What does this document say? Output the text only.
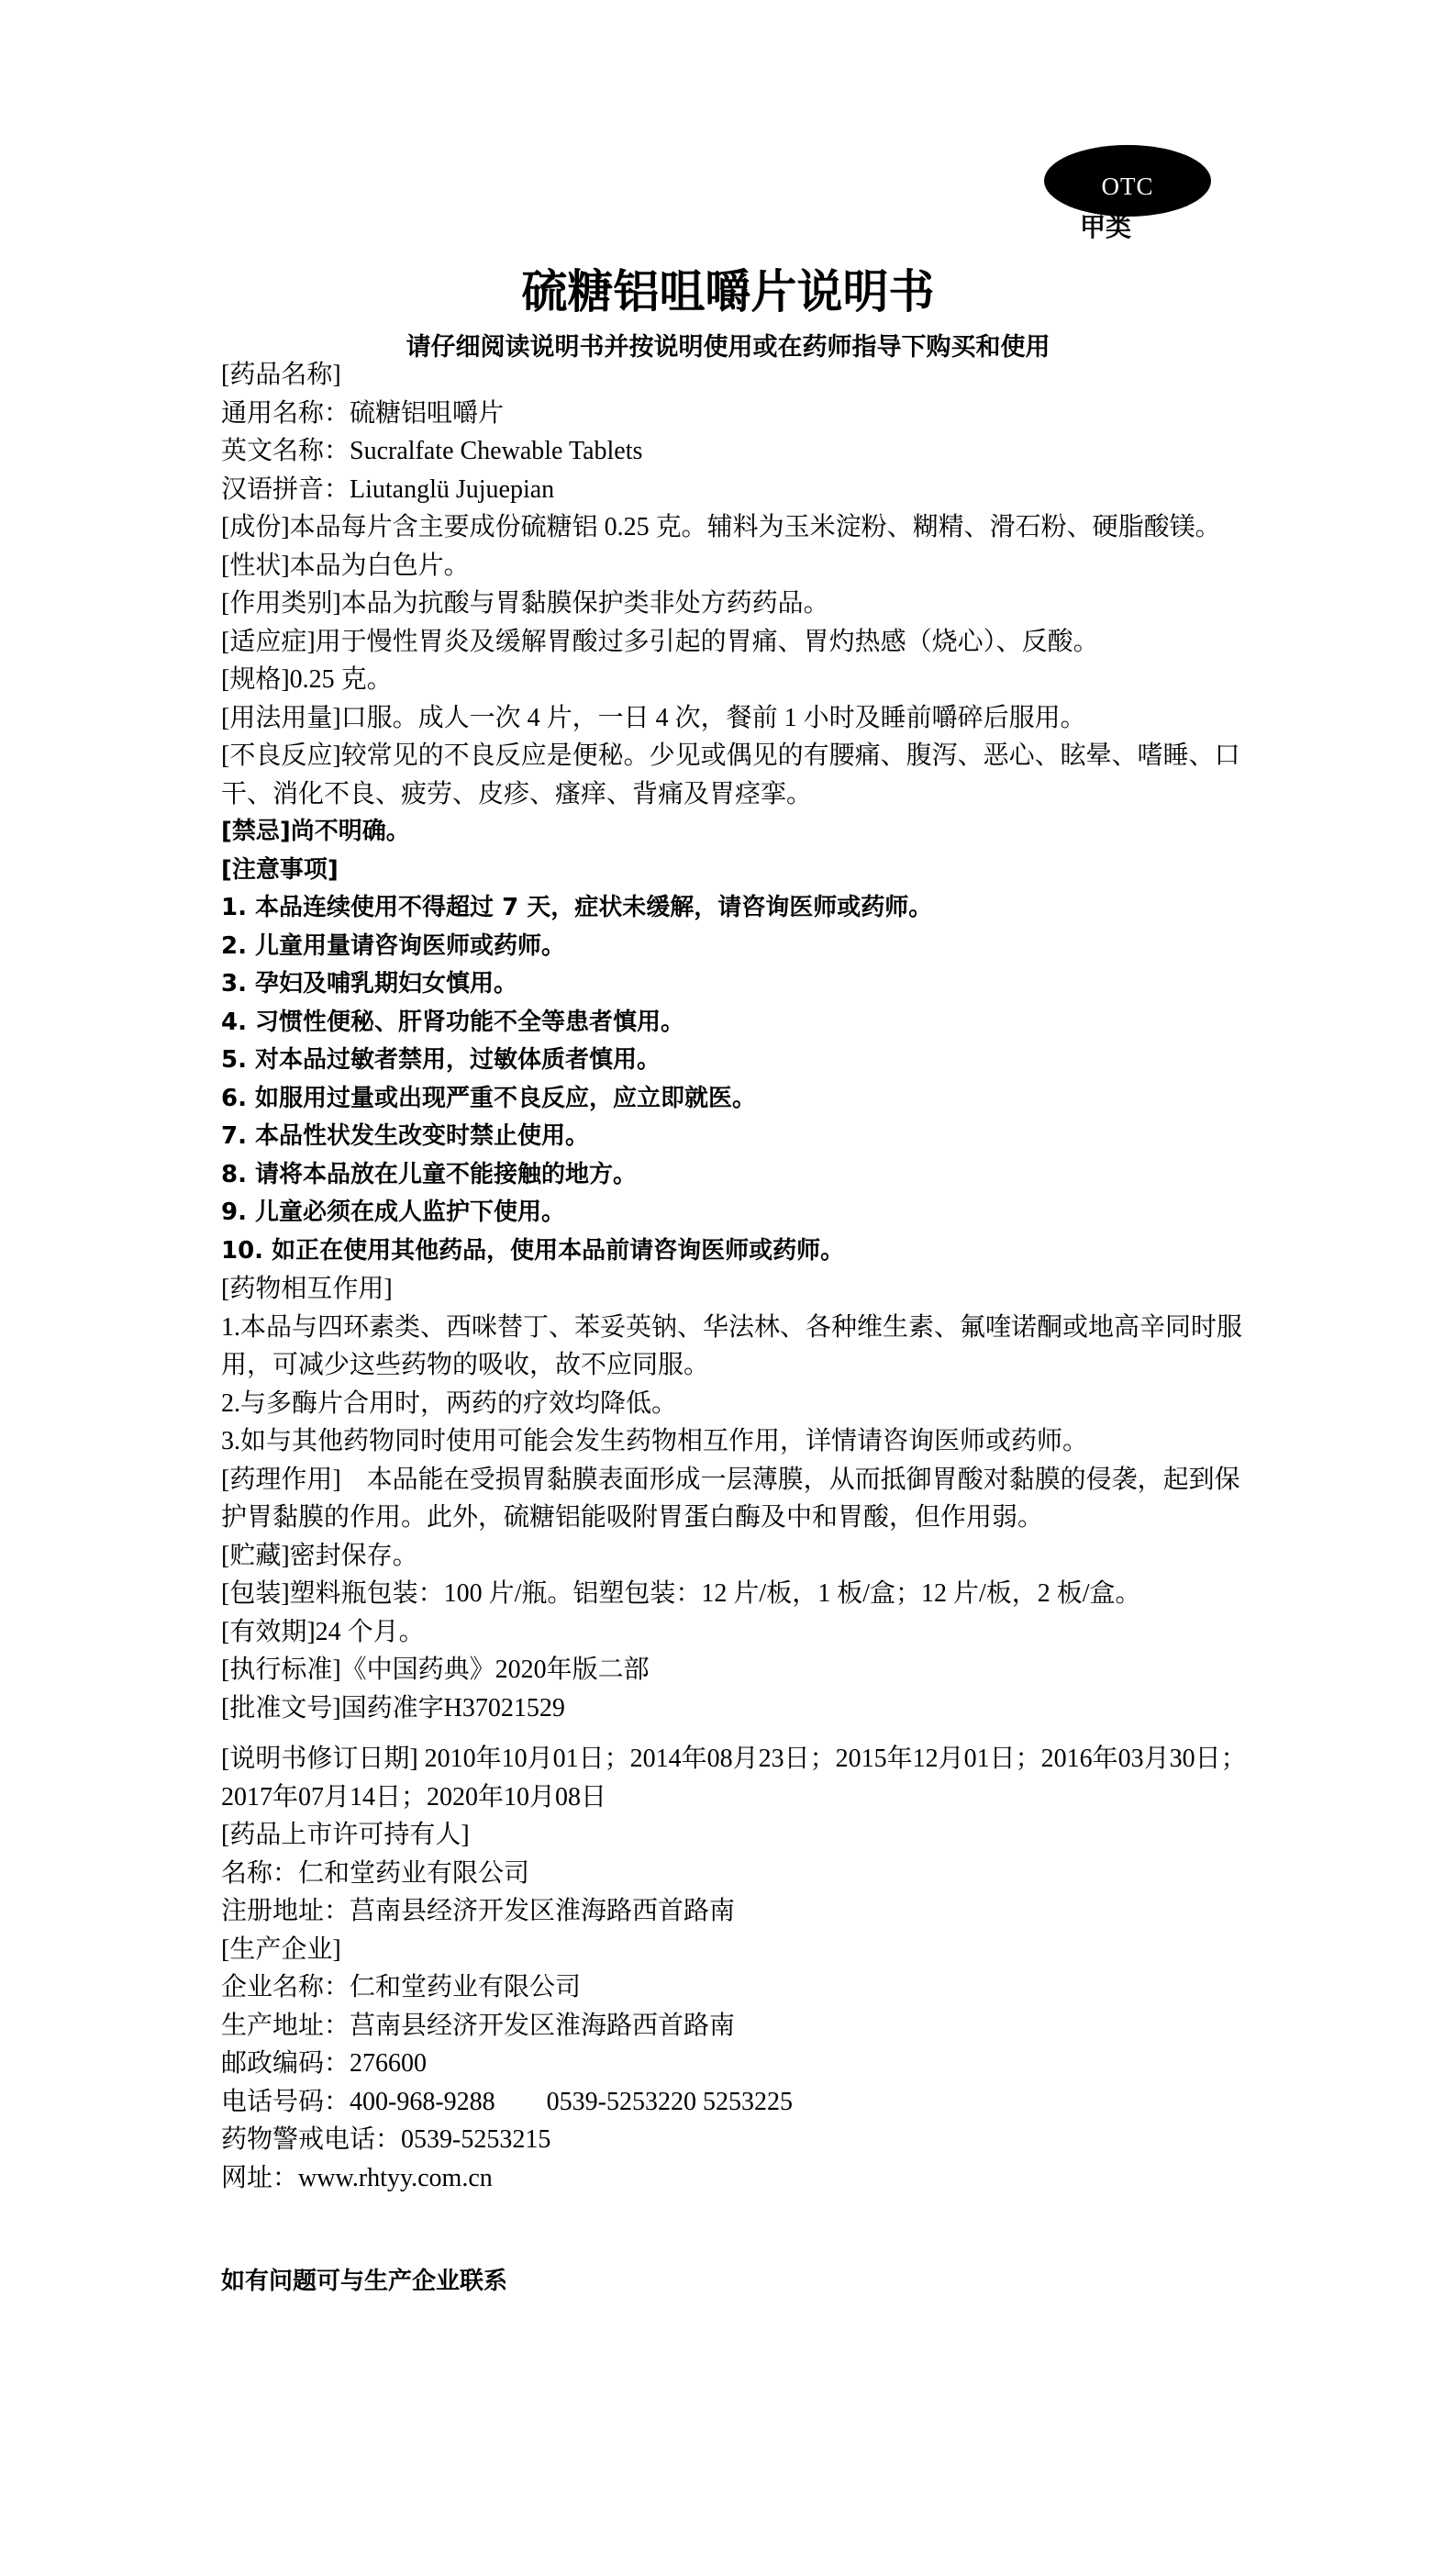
OTC
甲类
硫糖铝咀嚼片说明书
请仔细阅读说明书并按说明使用或在药师指导下购买和使用

[药品名称]

通用名称：硫糖铝咀嚼片

英文名称：Sucralfate Chewable Tablets

汉语拼音：Liutanglü Jujuepian

[成份]本品每片含主要成份硫糖铝 0.25 克。辅料为玉米淀粉、糊精、滑石粉、硬脂酸镁。

[性状]本品为白色片。

[作用类别]本品为抗酸与胃黏膜保护类非处方药药品。

[适应症]用于慢性胃炎及缓解胃酸过多引起的胃痛、胃灼热感（烧心）、反酸。

[规格]0.25 克。

[用法用量]口服。成人一次 4 片，一日 4 次，餐前 1 小时及睡前嚼碎后服用。

[不良反应]较常见的不良反应是便秘。少见或偶见的有腰痛、腹泻、恶心、眩晕、嗜睡、口干、消化不良、疲劳、皮疹、瘙痒、背痛及胃痉挛。

[禁忌]尚不明确。

[注意事项]

1. 本品连续使用不得超过 7 天，症状未缓解，请咨询医师或药师。

2. 儿童用量请咨询医师或药师。

3. 孕妇及哺乳期妇女慎用。

4. 习惯性便秘、肝肾功能不全等患者慎用。

5. 对本品过敏者禁用，过敏体质者慎用。

6. 如服用过量或出现严重不良反应，应立即就医。

7. 本品性状发生改变时禁止使用。

8. 请将本品放在儿童不能接触的地方。

9. 儿童必须在成人监护下使用。

10. 如正在使用其他药品，使用本品前请咨询医师或药师。

[药物相互作用]

1.本品与四环素类、西咪替丁、苯妥英钠、华法林、各种维生素、氟喹诺酮或地高辛同时服用，可减少这些药物的吸收，故不应同服。

2.与多酶片合用时，两药的疗效均降低。

3.如与其他药物同时使用可能会发生药物相互作用，详情请咨询医师或药师。

[药理作用]　本品能在受损胃黏膜表面形成一层薄膜，从而抵御胃酸对黏膜的侵袭，起到保护胃黏膜的作用。此外，硫糖铝能吸附胃蛋白酶及中和胃酸，但作用弱。

[贮藏]密封保存。

[包装]塑料瓶包装：100 片/瓶。铝塑包装：12 片/板，1 板/盒；12 片/板，2 板/盒。

[有效期]24 个月。

[执行标准]《中国药典》2020年版二部

[批准文号]国药准字H37021529

[说明书修订日期] 2010年10月01日；2014年08月23日；2015年12月01日；2016年03月30日；2017年07月14日；2020年10月08日

[药品上市许可持有人]

名称：仁和堂药业有限公司

注册地址：莒南县经济开发区淮海路西首路南

[生产企业]

企业名称：仁和堂药业有限公司

生产地址：莒南县经济开发区淮海路西首路南

邮政编码：276600

电话号码：400-968-9288　　0539-5253220 5253225

药物警戒电话：0539-5253215

网址：www.rhtyy.com.cn

如有问题可与生产企业联系
